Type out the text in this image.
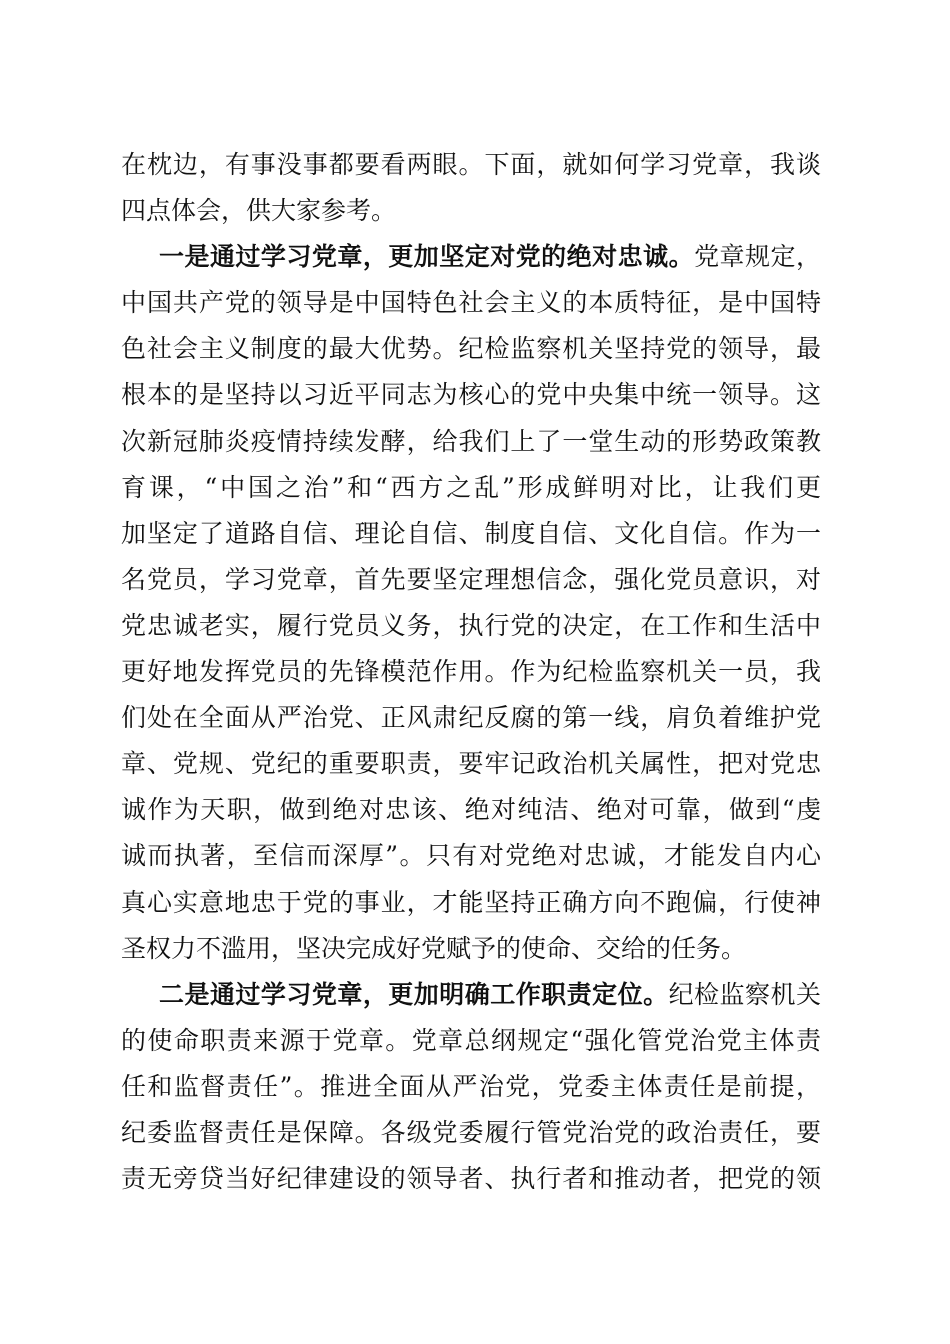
在枕边，有事没事都要看两眼。下面，就如何学习党章，我谈
四点体会，供大家参考。
一是通过学习党章，更加坚定对党的绝对忠诚。党章规定，
中国共产党的领导是中国特色社会主义的本质特征，是中国特
色社会主义制度的最大优势。纪检监察机关坚持党的领导，最
根本的是坚持以习近平同志为核心的党中央集中统一领导。这
次新冠肺炎疫情持续发酵，给我们上了一堂生动的形势政策教
育课，“中国之治”和“西方之乱”形成鲜明对比，让我们更
加坚定了道路自信、理论自信、制度自信、文化自信。作为一
名党员，学习党章，首先要坚定理想信念，强化党员意识，对
党忠诚老实，履行党员义务，执行党的决定，在工作和生活中
更好地发挥党员的先锋模范作用。作为纪检监察机关一员，我
们处在全面从严治党、正风肃纪反腐的第一线，肩负着维护党
章、党规、党纪的重要职责，要牢记政治机关属性，把对党忠
诚作为天职，做到绝对忠该、绝对纯洁、绝对可靠，做到“虔
诚而执著，至信而深厚”。只有对党绝对忠诚，才能发自内心
真心实意地忠于党的事业，才能坚持正确方向不跑偏，行使神
圣权力不滥用，坚决完成好党赋予的使命、交给的任务。
二是通过学习党章，更加明确工作职责定位。纪检监察机关
的使命职责来源于党章。党章总纲规定“强化管党治党主体责
任和监督责任”。推进全面从严治党，党委主体责任是前提，
纪委监督责任是保障。各级党委履行管党治党的政治责任，要
责无旁贷当好纪律建设的领导者、执行者和推动者，把党的领
